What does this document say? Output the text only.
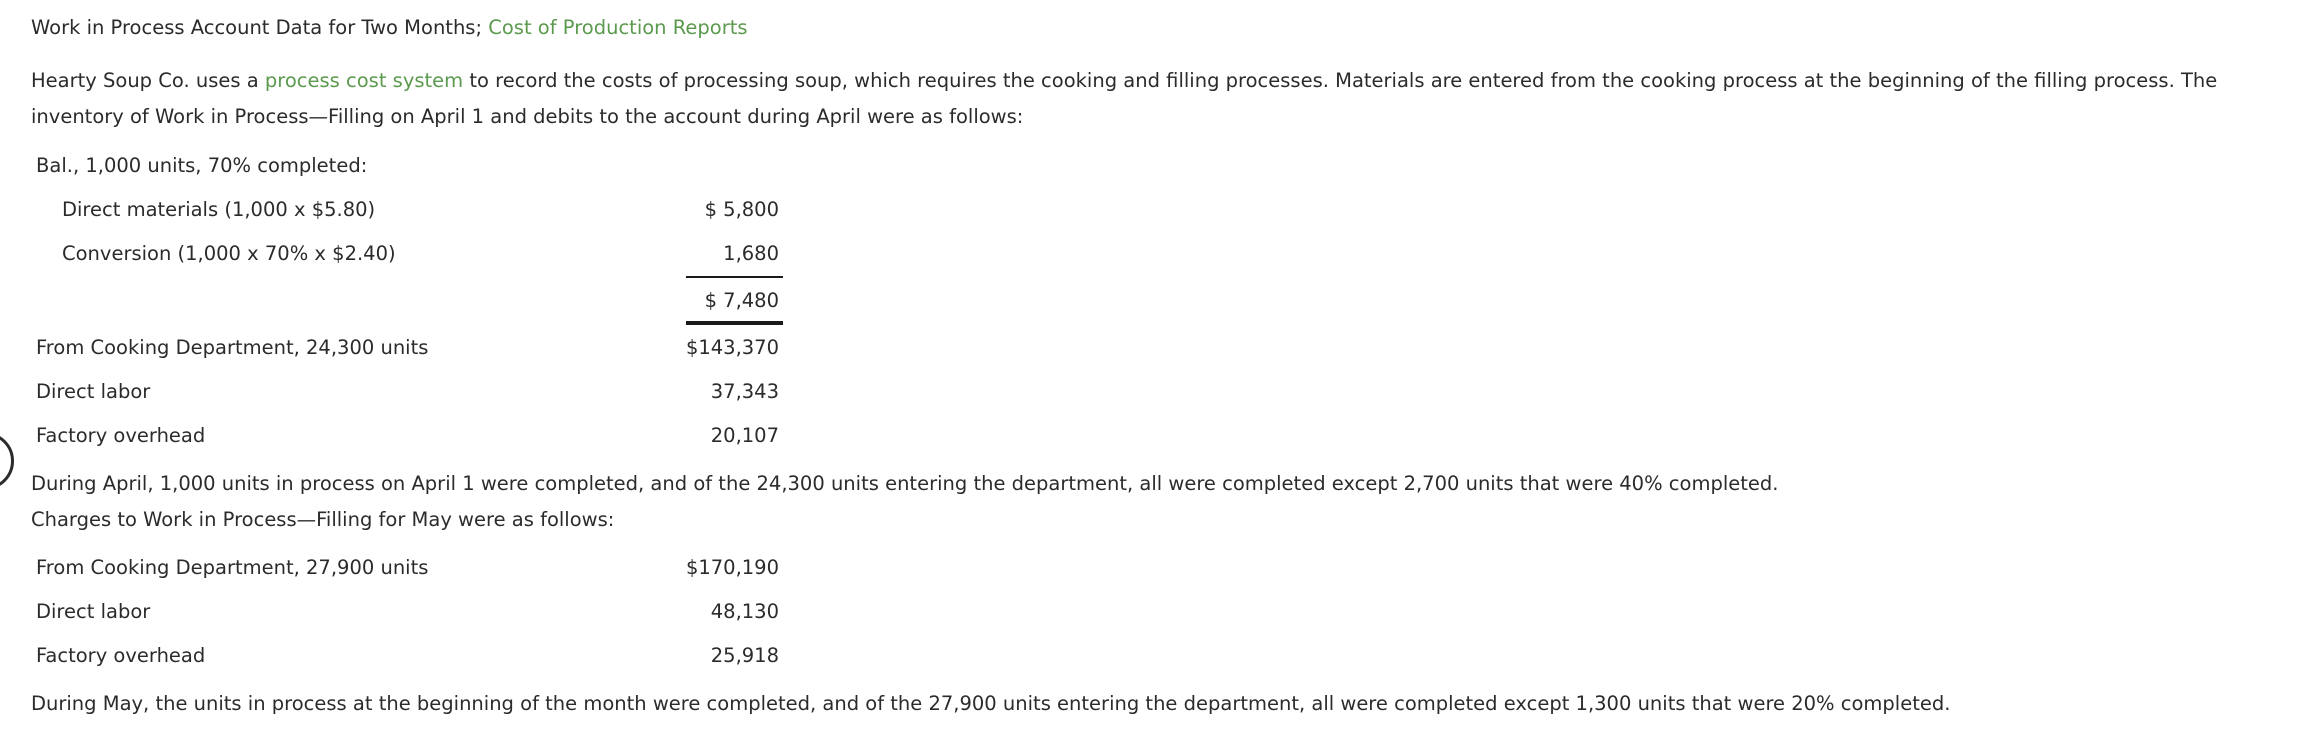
Work in Process Account Data for Two Months; Cost of Production Reports
Hearty Soup Co. uses a process cost system to record the costs of processing soup, which requires the cooking and filling processes. Materials are entered from the cooking process at the beginning of the filling process. The inventory of Work in Process—Filling on April 1 and debits to the account during April were as follows:
Bal., 1,000 units, 70% completed:
Direct materials (1,000 x $5.80)	$ 5,800
Conversion (1,000 x 70% x $2.40)	1,680
$ 7,480
From Cooking Department, 24,300 units	$143,370
Direct labor	37,343
Factory overhead	20,107
During April, 1,000 units in process on April 1 were completed, and of the 24,300 units entering the department, all were completed except 2,700 units that were 40% completed.
Charges to Work in Process—Filling for May were as follows:
From Cooking Department, 27,900 units	$170,190
Direct labor	48,130
Factory overhead	25,918
During May, the units in process at the beginning of the month were completed, and of the 27,900 units entering the department, all were completed except 1,300 units that were 20% completed.
